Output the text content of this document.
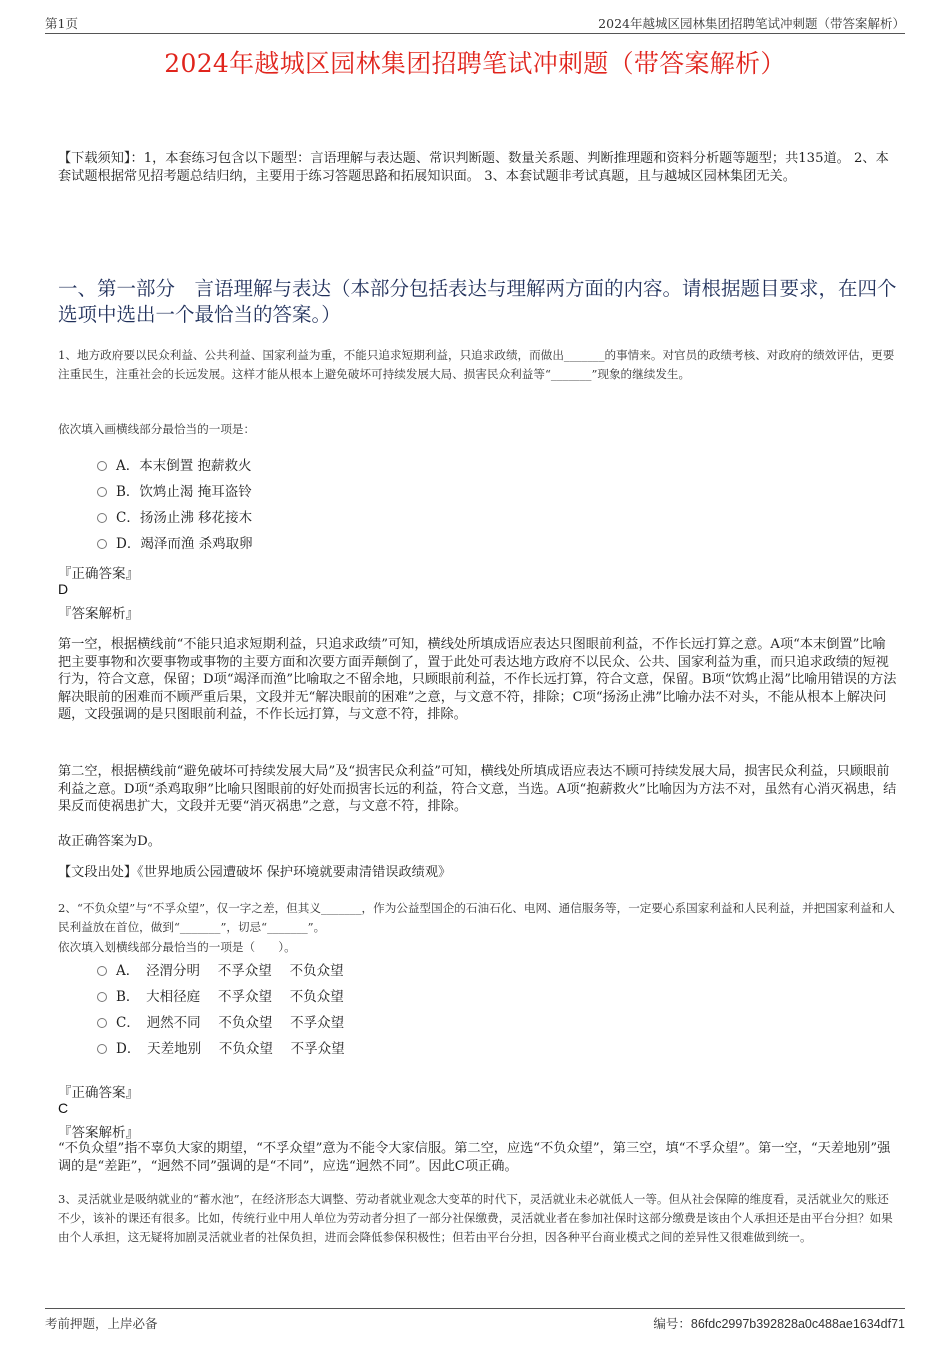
第1页	2024年越城区园林集团招聘笔试冲刺题（带答案解析）
2024年越城区园林集团招聘笔试冲刺题（带答案解析）
【下载须知】：1，本套练习包含以下题型：言语理解与表达题、常识判断题、数量关系题、判断推理题和资料分析题等题型；共135道。 2、本套试题根据常见招考题总结归纳，主要用于练习答题思路和拓展知识面。 3、本套试题非考试真题，且与越城区园林集团无关。
一、第一部分　言语理解与表达（本部分包括表达与理解两方面的内容。请根据题目要求，在四个选项中选出一个最恰当的答案。）
1、地方政府要以民众利益、公共利益、国家利益为重，不能只追求短期利益，只追求政绩，而做出_______的事情来。对官员的政绩考核、对政府的绩效评估，更要注重民生，注重社会的长远发展。这样才能从根本上避免破坏可持续发展大局、损害民众利益等“_______”现象的继续发生。
依次填入画横线部分最恰当的一项是：
A．本末倒置 抱薪救火
B．饮鸩止渴 掩耳盗铃
C．扬汤止沸 移花接木
D．竭泽而渔 杀鸡取卵
『正确答案』
D
『答案解析』
第一空，根据横线前“不能只追求短期利益，只追求政绩”可知，横线处所填成语应表达只图眼前利益，不作长远打算之意。A项“本末倒置”比喻把主要事物和次要事物或事物的主要方面和次要方面弄颠倒了，置于此处可表达地方政府不以民众、公共、国家利益为重，而只追求政绩的短视行为，符合文意，保留；D项“竭泽而渔”比喻取之不留余地，只顾眼前利益，不作长远打算，符合文意，保留。B项“饮鸩止渴”比喻用错误的方法解决眼前的困难而不顾严重后果，文段并无“解决眼前的困难”之意，与文意不符，排除；C项“扬汤止沸”比喻办法不对头，不能从根本上解决问题，文段强调的是只图眼前利益，不作长远打算，与文意不符，排除。
第二空，根据横线前“避免破坏可持续发展大局”及“损害民众利益”可知，横线处所填成语应表达不顾可持续发展大局，损害民众利益，只顾眼前利益之意。D项“杀鸡取卵”比喻只图眼前的好处而损害长远的利益，符合文意，当选。A项“抱薪救火”比喻因为方法不对，虽然有心消灭祸患，结果反而使祸患扩大，文段并无要“消灭祸患”之意，与文意不符，排除。
故正确答案为D。
【文段出处】《世界地质公园遭破坏 保护环境就要肃清错误政绩观》
2、“不负众望”与“不孚众望”，仅一字之差，但其义_______，作为公益型国企的石油石化、电网、通信服务等，一定要心系国家利益和人民利益，并把国家利益和人民利益放在首位，做到“_______”，切忌“_______”。
依次填入划横线部分最恰当的一项是（　　）。
A．　泾渭分明　 不孚众望　 不负众望
B．　大相径庭　 不孚众望　 不负众望
C．　迥然不同　 不负众望　 不孚众望
D．　天差地别　 不负众望　 不孚众望
『正确答案』
C
『答案解析』
“不负众望”指不辜负大家的期望，“不孚众望”意为不能令大家信服。第二空，应选“不负众望”，第三空，填“不孚众望”。第一空，“天差地别”强调的是“差距”，“迥然不同”强调的是“不同”，应选“迥然不同”。因此C项正确。
3、灵活就业是吸纳就业的“蓄水池”，在经济形态大调整、劳动者就业观念大变革的时代下，灵活就业未必就低人一等。但从社会保障的维度看，灵活就业欠的账还不少，该补的课还有很多。比如，传统行业中用人单位为劳动者分担了一部分社保缴费，灵活就业者在参加社保时这部分缴费是该由个人承担还是由平台分担？如果由个人承担，这无疑将加剧灵活就业者的社保负担，进而会降低参保积极性；但若由平台分担，因各种平台商业模式之间的差异性又很难做到统一。
考前押题，上岸必备	编号：86fdc2997b392828a0c488ae1634df71
